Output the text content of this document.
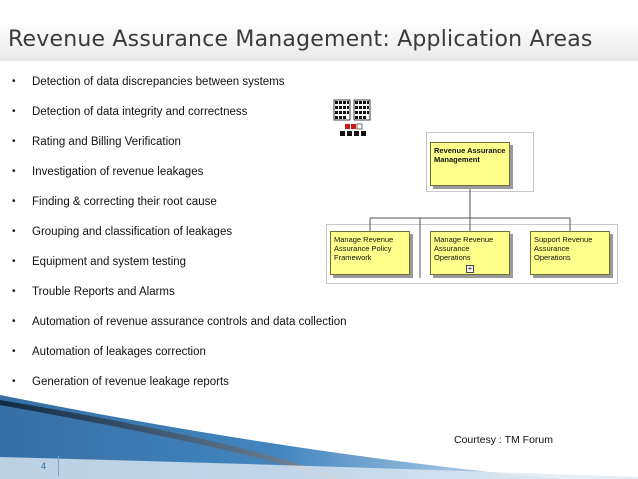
Revenue Assurance Management: Application Areas
• Detection of data discrepancies between systems
• Detection of data integrity and correctness
• Rating and Billing Verification
• Investigation of revenue leakages
• Finding & correcting their root cause
• Grouping and classification of leakages
• Equipment and system testing
• Trouble Reports and Alarms
• Automation of revenue assurance controls and data collection
• Automation of leakages correction
• Generation of revenue leakage reports
Revenue Assurance Management
Manage Revenue Assurance Policy Framework
Manage Revenue Assurance Operations
+
Support Revenue Assurance Operations
Courtesy : TM Forum
4
